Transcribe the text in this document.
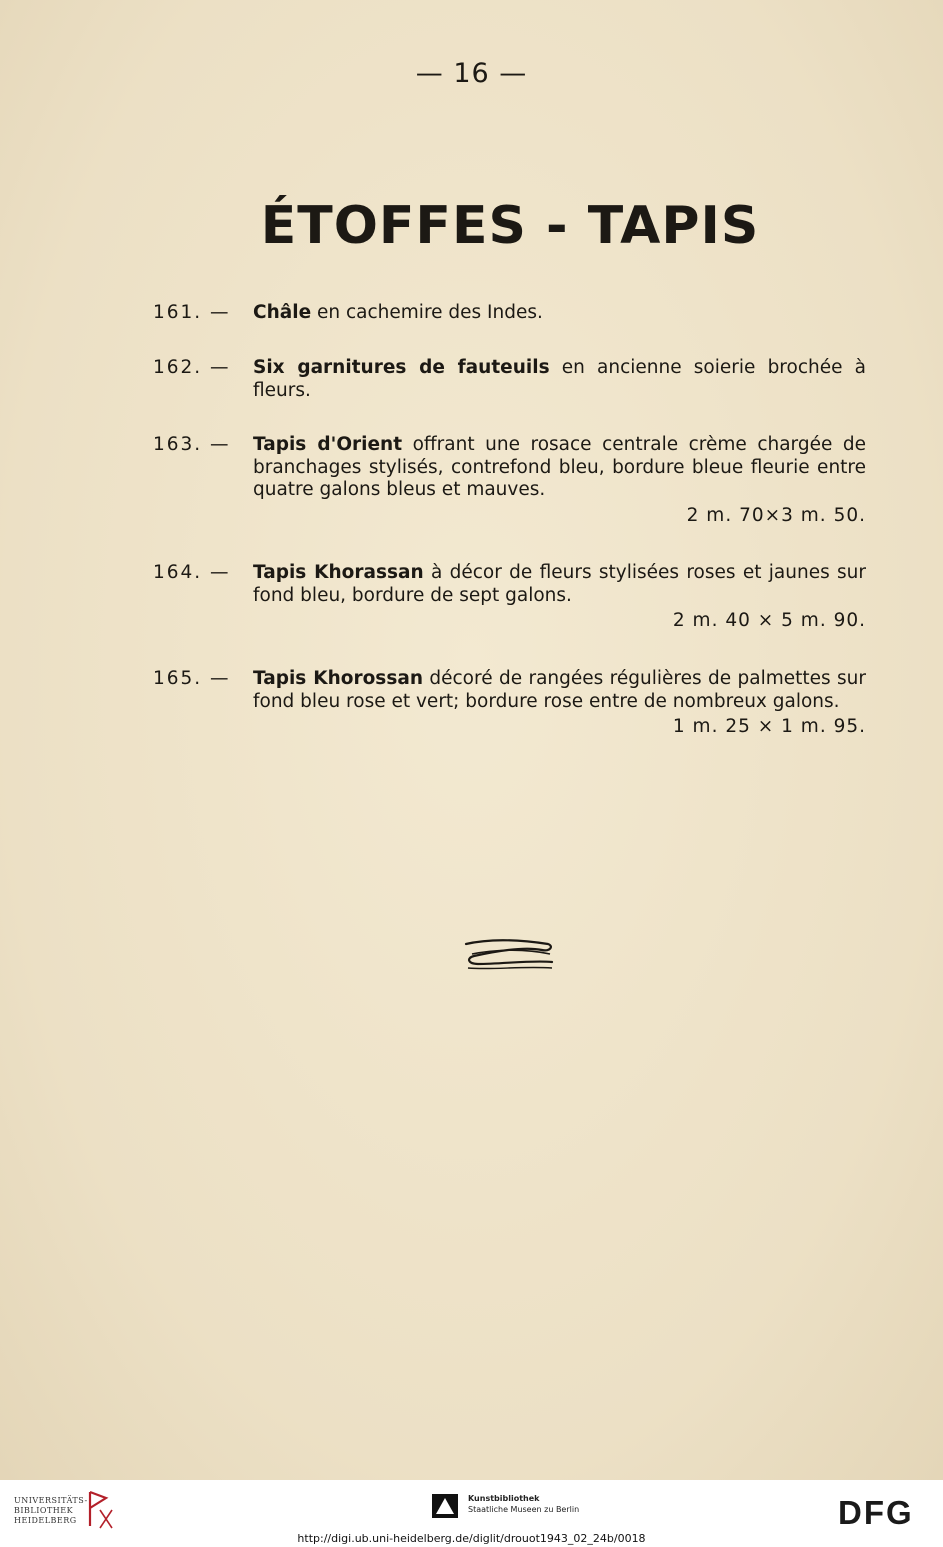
— 16 —
ÉTOFFES - TAPIS
161. — Châle en cachemire des Indes.
162. — Six garnitures de fauteuils en ancienne soierie brochée à fleurs.
163. — Tapis d'Orient offrant une rosace centrale crème chargée de branchages stylisés, contrefond bleu, bordure bleue fleurie entre quatre galons bleus et mauves.
2 m. 70×3 m. 50.
164. — Tapis Khorassan à décor de fleurs stylisées roses et jaunes sur fond bleu, bordure de sept galons.
2 m. 40 × 5 m. 90.
165. — Tapis Khorossan décoré de rangées régulières de palmettes sur fond bleu rose et vert; bordure rose entre de nombreux galons.
1 m. 25 × 1 m. 95.
UNIVERSITÄTS-
BIBLIOTHEK
HEIDELBERG
Kunstbibliothek
Staatliche Museen zu Berlin	DFG
http://digi.ub.uni-heidelberg.de/diglit/drouot1943_02_24b/0018
